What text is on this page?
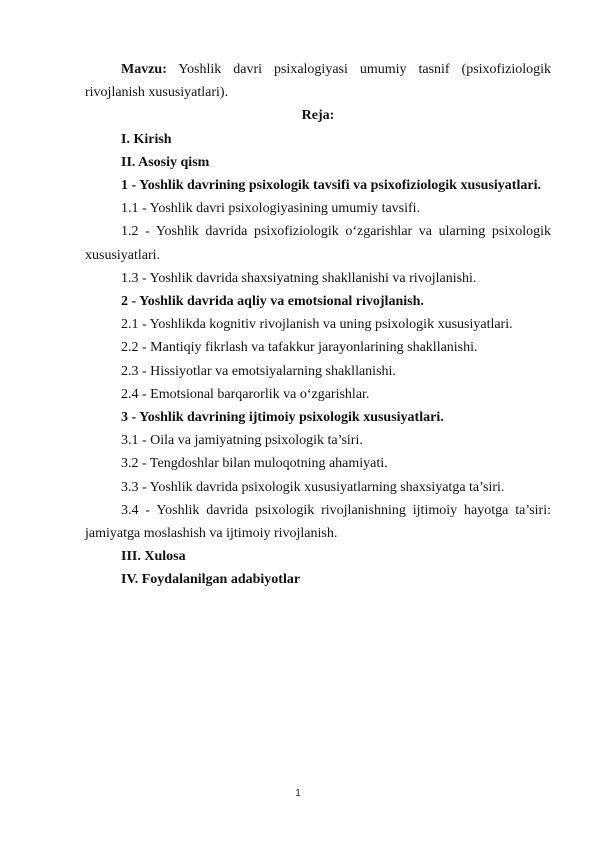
Mavzu: Yoshlik davri psixalogiyasi umumiy tasnif (psixofiziologik rivojlanish xususiyatlari).

Reja:

I. Kirish

II. Asosiy qism

1 - Yoshlik davrining psixologik tavsifi va psixofiziologik xususiyatlari.

1.1 - Yoshlik davri psixologiyasining umumiy tavsifi.

1.2 - Yoshlik davrida psixofiziologik o‘zgarishlar va ularning psixologik xususiyatlari.

1.3 - Yoshlik davrida shaxsiyatning shakllanishi va rivojlanishi.

2 - Yoshlik davrida aqliy va emotsional rivojlanish.

2.1 - Yoshlikda kognitiv rivojlanish va uning psixologik xususiyatlari.

2.2 - Mantiqiy fikrlash va tafakkur jarayonlarining shakllanishi.

2.3 - Hissiyotlar va emotsiyalarning shakllanishi.

2.4 - Emotsional barqarorlik va o‘zgarishlar.

3 - Yoshlik davrining ijtimoiy psixologik xususiyatlari.

3.1 - Oila va jamiyatning psixologik ta’siri.

3.2 - Tengdoshlar bilan muloqotning ahamiyati.

3.3 - Yoshlik davrida psixologik xususiyatlarning shaxsiyatga ta’siri.

3.4 - Yoshlik davrida psixologik rivojlanishning ijtimoiy hayotga ta’siri: jamiyatga moslashish va ijtimoiy rivojlanish.

III. Xulosa

IV. Foydalanilgan adabiyotlar

1
